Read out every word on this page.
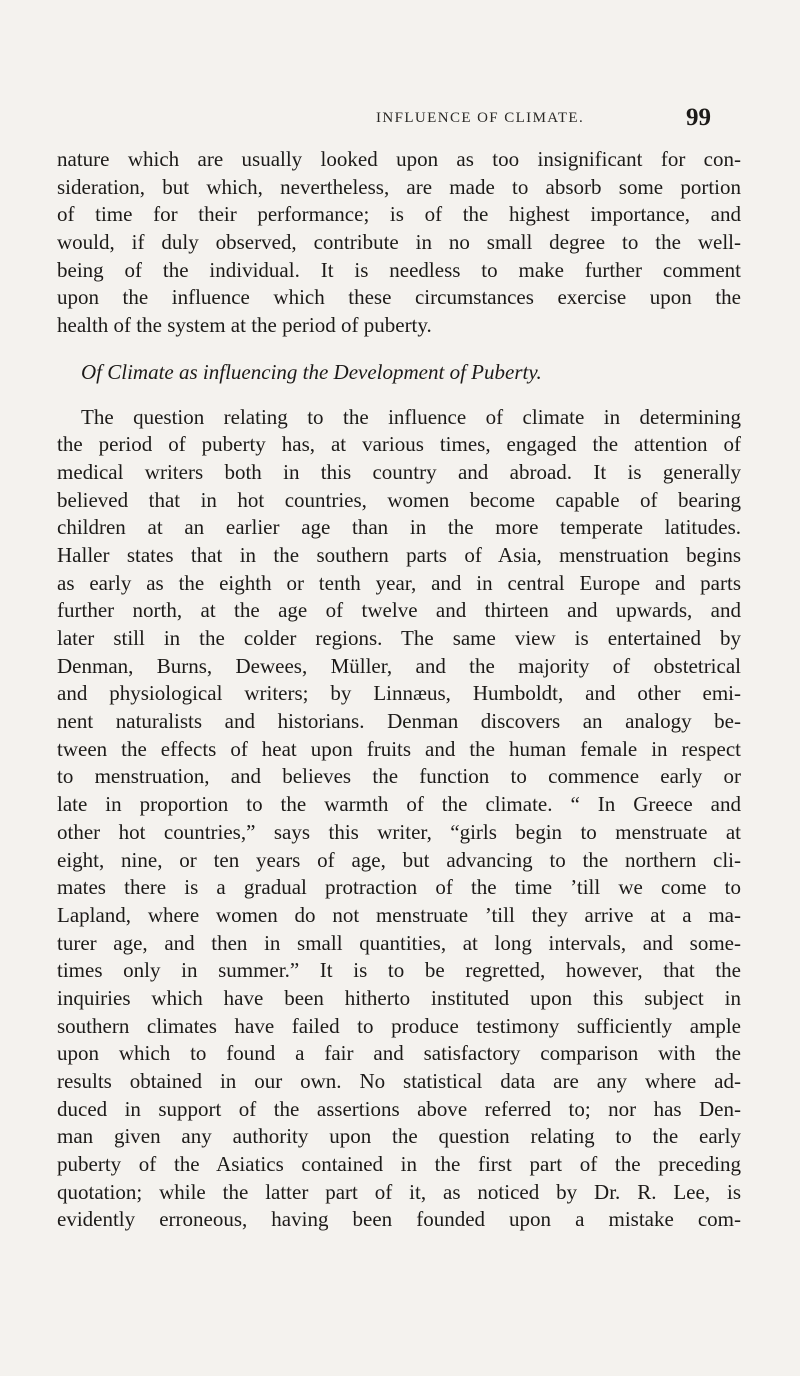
INFLUENCE OF CLIMATE.	99
nature which are usually looked upon as too insignificant for con-
sideration, but which, nevertheless, are made to absorb some portion
of time for their performance; is of the highest importance, and
would, if duly observed, contribute in no small degree to the well-
being of the individual. It is needless to make further comment
upon the influence which these circumstances exercise upon the
health of the system at the period of puberty.
Of Climate as influencing the Development of Puberty.
The question relating to the influence of climate in determining
the period of puberty has, at various times, engaged the attention of
medical writers both in this country and abroad. It is generally
believed that in hot countries, women become capable of bearing
children at an earlier age than in the more temperate latitudes.
Haller states that in the southern parts of Asia, menstruation begins
as early as the eighth or tenth year, and in central Europe and parts
further north, at the age of twelve and thirteen and upwards, and
later still in the colder regions. The same view is entertained by
Denman, Burns, Dewees, Müller, and the majority of obstetrical
and physiological writers; by Linnæus, Humboldt, and other emi-
nent naturalists and historians. Denman discovers an analogy be-
tween the effects of heat upon fruits and the human female in respect
to menstruation, and believes the function to commence early or
late in proportion to the warmth of the climate. “ In Greece and
other hot countries,” says this writer, “girls begin to menstruate at
eight, nine, or ten years of age, but advancing to the northern cli-
mates there is a gradual protraction of the time ’till we come to
Lapland, where women do not menstruate ’till they arrive at a ma-
turer age, and then in small quantities, at long intervals, and some-
times only in summer.” It is to be regretted, however, that the
inquiries which have been hitherto instituted upon this subject in
southern climates have failed to produce testimony sufficiently ample
upon which to found a fair and satisfactory comparison with the
results obtained in our own. No statistical data are any where ad-
duced in support of the assertions above referred to; nor has Den-
man given any authority upon the question relating to the early
puberty of the Asiatics contained in the first part of the preceding
quotation; while the latter part of it, as noticed by Dr. R. Lee, is
evidently erroneous, having been founded upon a mistake com-
